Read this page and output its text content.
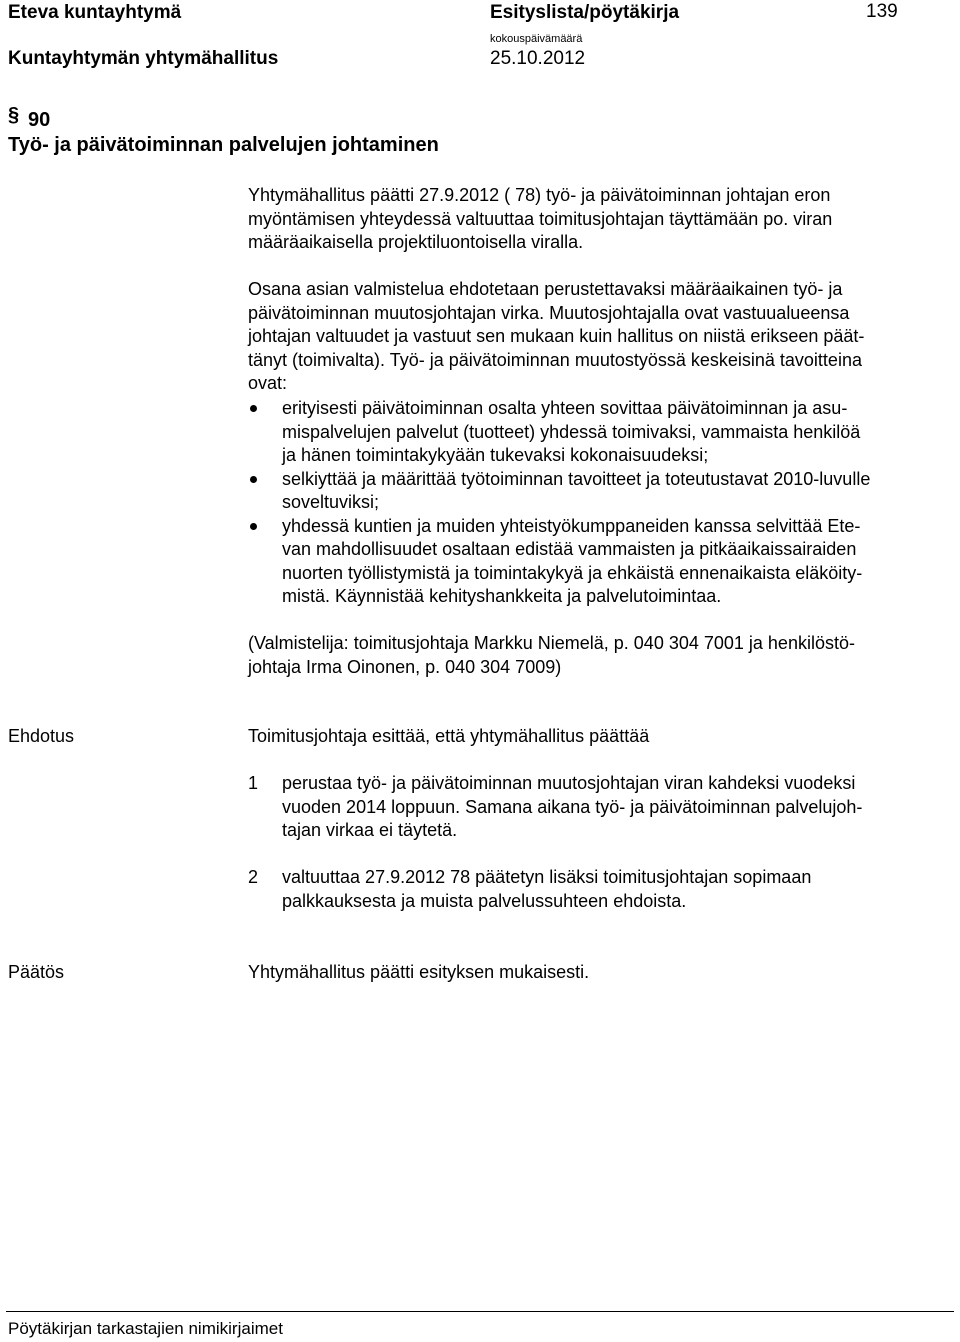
Eteva kuntayhtymä	Esityslista/pöytäkirja	139
Kuntayhtymän yhtymähallitus
kokouspäivämäärä
25.10.2012
§ 90
Työ- ja päivätoiminnan palvelujen johtaminen
Yhtymähallitus päätti 27.9.2012 ( 78) työ- ja päivätoiminnan johtajan eron
myöntämisen yhteydessä valtuuttaa toimitusjohtajan täyttämään po. viran
määräaikaisella projektiluontoisella viralla.
Osana asian valmistelua ehdotetaan perustettavaksi määräaikainen työ- ja
päivätoiminnan muutosjohtajan virka. Muutosjohtajalla ovat vastuualueensa
johtajan valtuudet ja vastuut sen mukaan kuin hallitus on niistä erikseen päät-
tänyt (toimivalta). Työ- ja päivätoiminnan muutostyössä keskeisinä tavoitteina
ovat:
erityisesti päivätoiminnan osalta yhteen sovittaa päivätoiminnan ja asu-
mispalvelujen palvelut (tuotteet) yhdessä toimivaksi, vammaista henkilöä
ja hänen toimintakykyään tukevaksi kokonaisuudeksi;
selkiyttää ja määrittää työtoiminnan tavoitteet ja toteutustavat 2010-luvulle
soveltuviksi;
yhdessä kuntien ja muiden yhteistyökumppaneiden kanssa selvittää Ete-
van mahdollisuudet osaltaan edistää vammaisten ja pitkäaikaissairaiden
nuorten työllistymistä ja toimintakykyä ja ehkäistä ennenaikaista eläköity-
mistä. Käynnistää kehityshankkeita ja palvelutoimintaa.
(Valmistelija: toimitusjohtaja Markku Niemelä, p. 040 304 7001 ja henkilöstö-
johtaja Irma Oinonen, p. 040 304 7009)
Ehdotus	Toimitusjohtaja esittää, että yhtymähallitus päättää
1 perustaa työ- ja päivätoiminnan muutosjohtajan viran kahdeksi vuodeksi
vuoden 2014 loppuun. Samana aikana työ- ja päivätoiminnan palvelujoh-
tajan virkaa ei täytetä.
2 valtuuttaa 27.9.2012 78 päätetyn lisäksi toimitusjohtajan sopimaan
palkkauksesta ja muista palvelussuhteen ehdoista.
Päätös	Yhtymähallitus päätti esityksen mukaisesti.
Pöytäkirjan tarkastajien nimikirjaimet
